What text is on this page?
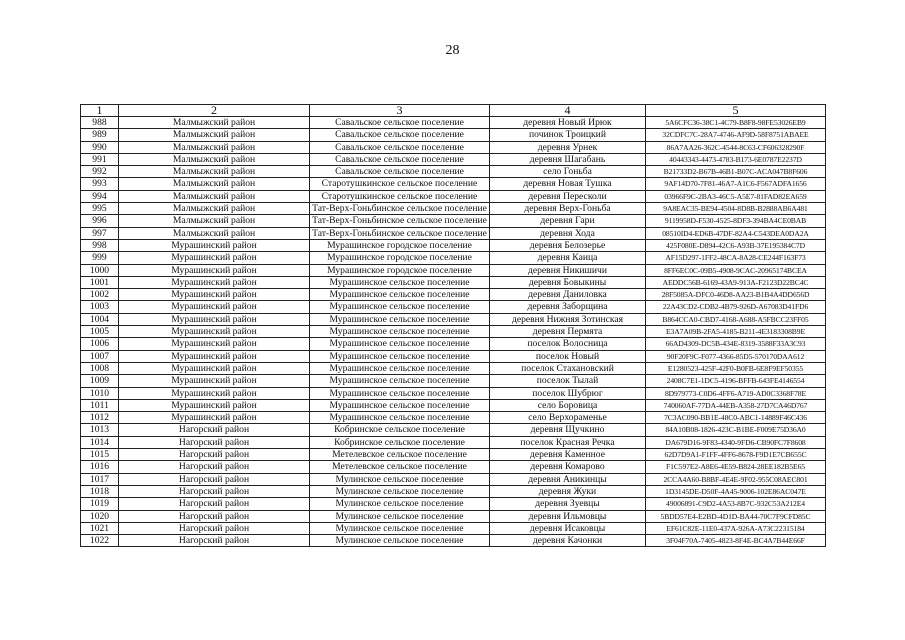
28
1	2	3	4	5
988	Малмыжский район	Савальское сельское поселение	деревня Новый Ирюк	5A6CFC36-38C1-4C79-B8F8-98FE53026EB9
989	Малмыжский район	Савальское сельское поселение	починок Троицкий	32CDFC7C-28A7-4746-AF9D-58F8751ABAEE
990	Малмыжский район	Савальское сельское поселение	деревня Урнек	86A7AA26-362C-4544-8C63-CF606328290F
991	Малмыжский район	Савальское сельское поселение	деревня Шагабань	40443343-4473-4783-B173-6E0787E2237D
992	Малмыжский район	Савальское сельское поселение	село Гоньба	B21733D2-B67B-46B1-B07C-ACA047B8F606
993	Малмыжский район	Старотушкинское сельское поселение	деревня Новая Тушка	9AF14D70-7F81-46A7-A1C6-F567ADFA1656
994	Малмыжский район	Старотушкинское сельское поселение	деревня Пересколи	03966F9C-2BA3-46C5-A5E7-81FAD82EA659
995	Малмыжский район	Тат-Верх-Гоньбинское сельское поселение	деревня Верх-Гоньба	9A8EAC35-BE94-4504-8D8B-B2888AB6A481
996	Малмыжский район	Тат-Верх-Гоньбинское сельское поселение	деревня Гари	9119958D-F530-4525-8DF3-394BA4CE0BAB
997	Малмыжский район	Тат-Верх-Гоньбинское сельское поселение	деревня Ходa	08510ID4-ED6B-47DF-82A4-C543DEA0DA2A
998	Мурашинский район	Мурашинское городское поселение	деревня Белозерье	425F080E-D894-42C6-A93B-37E195384C7D
999	Мурашинский район	Мурашинское городское поселение	деревня Каица	AF15D297-1FF2-48CA-8A28-CE244F163F73
1000	Мурашинский район	Мурашинское городское поселение	деревня Никишичи	8FF6EC0C-09B5-4908-9CAC-20965174BCEA
1001	Мурашинский район	Мурашинское сельское поселение	деревня Бовыкины	AEDDC56B-6169-43A9-913A-F2123D22BC4C
1002	Мурашинский район	Мурашинское сельское поселение	деревня Даниловка	28F5085A-DFC0-46D8-AA23-B1B4A4DD656D
1003	Мурашинский район	Мурашинское сельское поселение	деревня Заборщина	22A43CD2-CDB2-4B79-926D-A67083D41FD6
1004	Мурашинский район	Мурашинское сельское поселение	деревня Нижняя Зотинская	B864CCA0-CBD7-4168-A688-A5FBCC23FF05
1005	Мурашинский район	Мурашинское сельское поселение	деревня Пермята	E3A7A09B-2FA5-4185-B211-4E3183308B9E
1006	Мурашинский район	Мурашинское сельское поселение	поселок Волосница	66AD4309-DC5B-434E-8319-3588F33A3C93
1007	Мурашинский район	Мурашинское сельское поселение	поселок Новый	90F20F9C-F077-4366-85D5-570170DAA612
1008	Мурашинский район	Мурашинское сельское поселение	поселок Стахановский	E1280523-425F-42F0-B0FB-6E8F9EF50355
1009	Мурашинский район	Мурашинское сельское поселение	поселок Тылай	2408C7E1-1DC5-4196-BFFB-643FE4146554
1010	Мурашинский район	Мурашинское сельское поселение	поселок Шубрюг	8D979773-C0D6-4FF6-A719-AD0C3368F78E
1011	Мурашинский район	Мурашинское сельское поселение	село Боровица	740060AF-77DA-44EB-A358-27D7CA46D767
1012	Мурашинский район	Мурашинское сельское поселение	село Верхораменье	7C3AC090-BB1E-48C0-ABC1-14889F46C436
1013	Нагорский район	Кобринское сельское поселение	деревня Щучкино	84A10B08-1826-423C-B1BE-F009E75D36A0
1014	Нагорский район	Кобринское сельское поселение	поселок Красная Речка	DA679D16-9F83-4340-9FD6-CB90FC7F8608
1015	Нагорский район	Метелевское сельское поселение	деревня Каменное	62D7D9A1-F1FF-4FF6-8678-F9D1E7CB655C
1016	Нагорский район	Метелевское сельское поселение	деревня Комарово	F1C597E2-A8E6-4E59-B824-28EE182B5E65
1017	Нагорский район	Мулинское сельское поселение	деревня Аникинцы	2CCA4A60-B8BF-4E4E-9F02-955C08AEC801
1018	Нагорский район	Мулинское сельское поселение	деревня Жуки	1D3145DE-D50F-4A45-9006-102E86AC047E
1019	Нагорский район	Мулинское сельское поселение	деревня Зуевцы	49006891-C9D2-4A53-8B7C-932C53A212E4
1020	Нагорский район	Мулинское сельское поселение	деревня Ильмовцы	5BDD57E4-E2BD-4D1D-BA44-70C7F9CFD85C
1021	Нагорский район	Мулинское сельское поселение	деревня Исаковцы	EF61C82E-11E0-437A-926A-A73C22315184
1022	Нагорский район	Мулинское сельское поселение	деревня Качонки	3F04F70A-7405-4823-8F4E-BC4A7B44E66F
